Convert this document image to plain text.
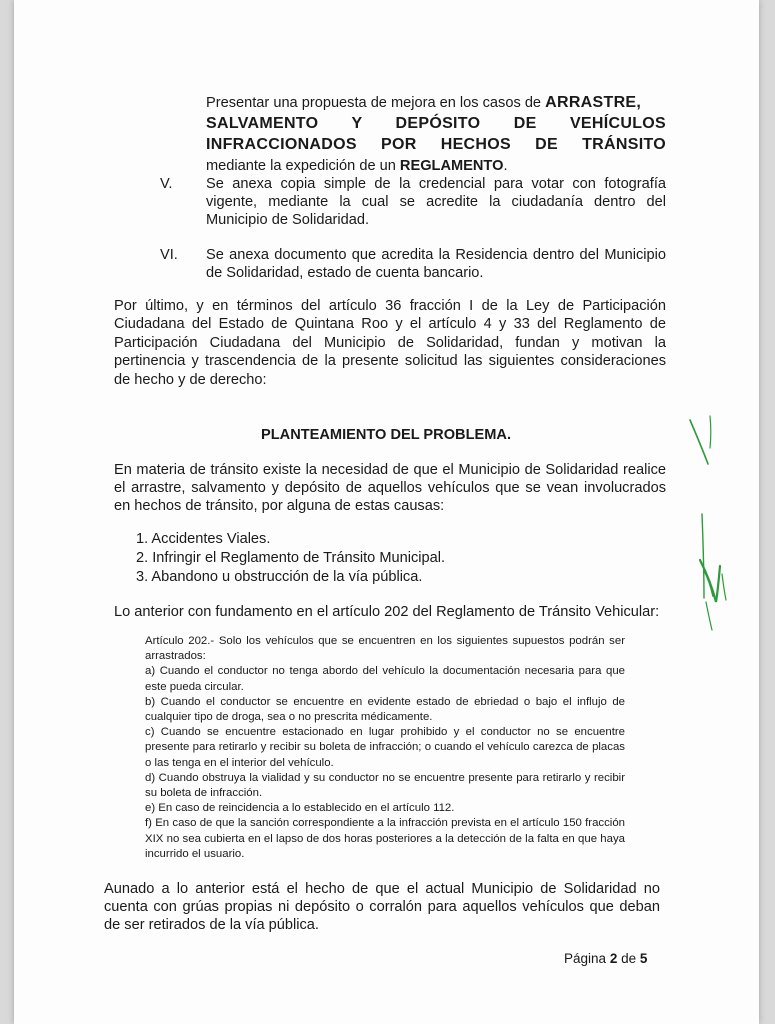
Presentar una propuesta de mejora en los casos de ARRASTRE,
SALVAMENTO Y DEPÓSITO DE VEHÍCULOS
INFRACCIONADOS POR HECHOS DE TRÁNSITO
mediante la expedición de un REGLAMENTO.
V. Se anexa copia simple de la credencial para votar con fotografía vigente, mediante la cual se acredite la ciudadanía dentro del Municipio de Solidaridad.
VI. Se anexa documento que acredita la Residencia dentro del Municipio de Solidaridad, estado de cuenta bancario.
Por último, y en términos del artículo 36 fracción I de la Ley de Participación Ciudadana del Estado de Quintana Roo y el artículo 4 y 33 del Reglamento de Participación Ciudadana del Municipio de Solidaridad, fundan y motivan la pertinencia y trascendencia de la presente solicitud las siguientes consideraciones de hecho y de derecho:
PLANTEAMIENTO DEL PROBLEMA.
En materia de tránsito existe la necesidad de que el Municipio de Solidaridad realice el arrastre, salvamento y depósito de aquellos vehículos que se vean involucrados en hechos de tránsito, por alguna de estas causas:
1. Accidentes Viales.
2. Infringir el Reglamento de Tránsito Municipal.
3. Abandono u obstrucción de la vía pública.
Lo anterior con fundamento en el artículo 202 del Reglamento de Tránsito Vehicular:
Artículo 202.- Solo los vehículos que se encuentren en los siguientes supuestos podrán ser arrastrados:
a) Cuando el conductor no tenga abordo del vehículo la documentación necesaria para que este pueda circular.
b) Cuando el conductor se encuentre en evidente estado de ebriedad o bajo el influjo de cualquier tipo de droga, sea o no prescrita médicamente.
c) Cuando se encuentre estacionado en lugar prohibido y el conductor no se encuentre presente para retirarlo y recibir su boleta de infracción; o cuando el vehículo carezca de placas o las tenga en el interior del vehículo.
d) Cuando obstruya la vialidad y su conductor no se encuentre presente para retirarlo y recibir su boleta de infracción.
e) En caso de reincidencia a lo establecido en el artículo 112.
f) En caso de que la sanción correspondiente a la infracción prevista en el artículo 150 fracción XIX no sea cubierta en el lapso de dos horas posteriores a la detección de la falta en que haya incurrido el usuario.
Aunado a lo anterior está el hecho de que el actual Municipio de Solidaridad no cuenta con grúas propias ni depósito o corralón para aquellos vehículos que deban de ser retirados de la vía pública.
Página 2 de 5
